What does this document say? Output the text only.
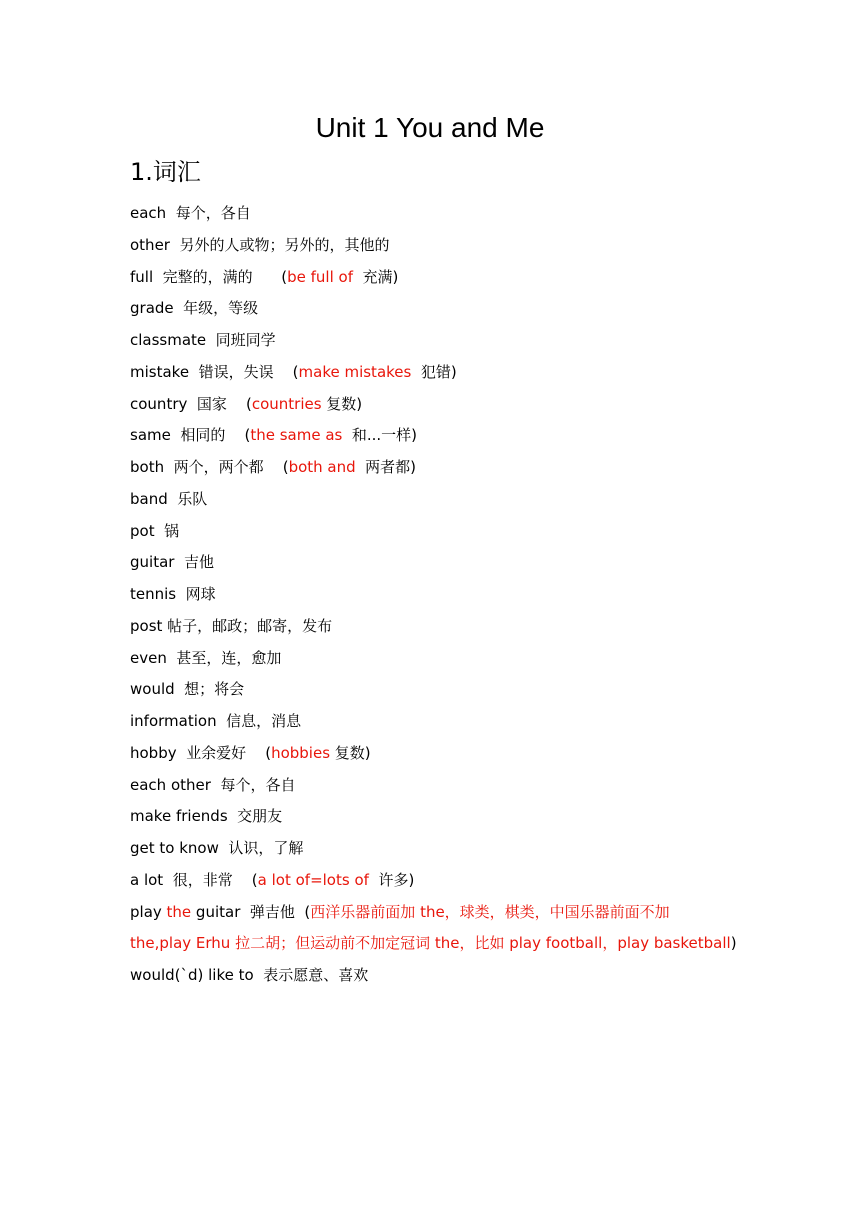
Unit 1 You and Me
1.词汇
each  每个，各自
other  另外的人或物；另外的，其他的
full  完整的，满的      (be full of  充满)
grade  年级，等级
classmate  同班同学
mistake  错误，失误    (make mistakes  犯错)
country  国家    (countries 复数)
same  相同的    (the same as  和...一样)
both  两个，两个都    (both and  两者都)
band  乐队
pot  锅
guitar  吉他
tennis  网球
post 帖子，邮政；邮寄，发布
even  甚至，连，愈加
would  想；将会
information  信息，消息
hobby  业余爱好    (hobbies 复数)
each other  每个，各自
make friends  交朋友
get to know  认识，了解
a lot  很，非常    (a lot of=lots of  许多)
play the guitar  弹吉他  (西洋乐器前面加 the，球类，棋类，中国乐器前面不加
the,play Erhu 拉二胡；但运动前不加定冠词 the，比如 play football，play basketball)
would(`d) like to  表示愿意、喜欢
